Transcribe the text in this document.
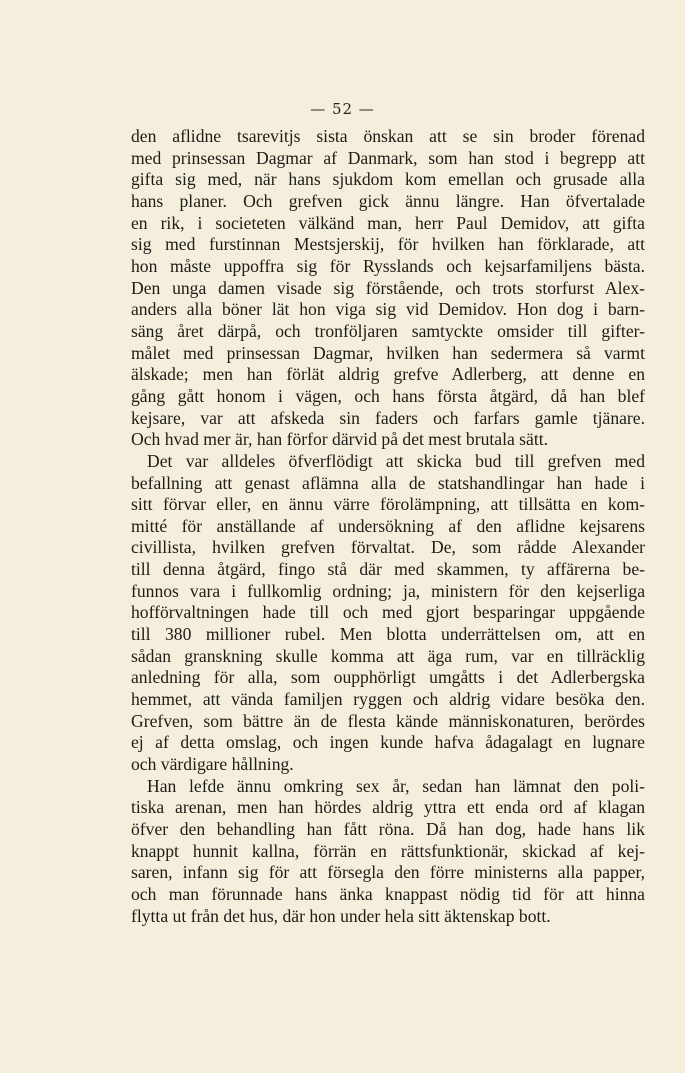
— 52 —
den aflidne tsarevitjs sista önskan att se sin broder förenad
med prinsessan Dagmar af Danmark, som han stod i begrepp att
gifta sig med, när hans sjukdom kom emellan och grusade alla
hans planer. Och grefven gick ännu längre. Han öfvertalade
en rik, i societeten välkänd man, herr Paul Demidov, att gifta
sig med furstinnan Mestsjerskij, för hvilken han förklarade, att
hon måste uppoffra sig för Rysslands och kejsarfamiljens bästa.
Den unga damen visade sig förstående, och trots storfurst Alex-
anders alla böner lät hon viga sig vid Demidov. Hon dog i barn-
säng året därpå, och tronföljaren samtyckte omsider till gifter-
målet med prinsessan Dagmar, hvilken han sedermera så varmt
älskade; men han förlät aldrig grefve Adlerberg, att denne en
gång gått honom i vägen, och hans första åtgärd, då han blef
kejsare, var att afskeda sin faders och farfars gamle tjänare.
Och hvad mer är, han förfor därvid på det mest brutala sätt.
Det var alldeles öfverflödigt att skicka bud till grefven med
befallning att genast aflämna alla de statshandlingar han hade i
sitt förvar eller, en ännu värre förolämpning, att tillsätta en kom-
mitté för anställande af undersökning af den aflidne kejsarens
civillista, hvilken grefven förvaltat. De, som rådde Alexander
till denna åtgärd, fingo stå där med skammen, ty affärerna be-
funnos vara i fullkomlig ordning; ja, ministern för den kejserliga
hofförvaltningen hade till och med gjort besparingar uppgående
till 380 millioner rubel. Men blotta underrättelsen om, att en
sådan granskning skulle komma att äga rum, var en tillräcklig
anledning för alla, som oupphörligt umgåtts i det Adlerbergska
hemmet, att vända familjen ryggen och aldrig vidare besöka den.
Grefven, som bättre än de flesta kände människonaturen, berördes
ej af detta omslag, och ingen kunde hafva ådagalagt en lugnare
och värdigare hållning.
Han lefde ännu omkring sex år, sedan han lämnat den poli-
tiska arenan, men han hördes aldrig yttra ett enda ord af klagan
öfver den behandling han fått röna. Då han dog, hade hans lik
knappt hunnit kallna, förrän en rättsfunktionär, skickad af kej-
saren, infann sig för att försegla den förre ministerns alla papper,
och man förunnade hans änka knappast nödig tid för att hinna
flytta ut från det hus, där hon under hela sitt äktenskap bott.
